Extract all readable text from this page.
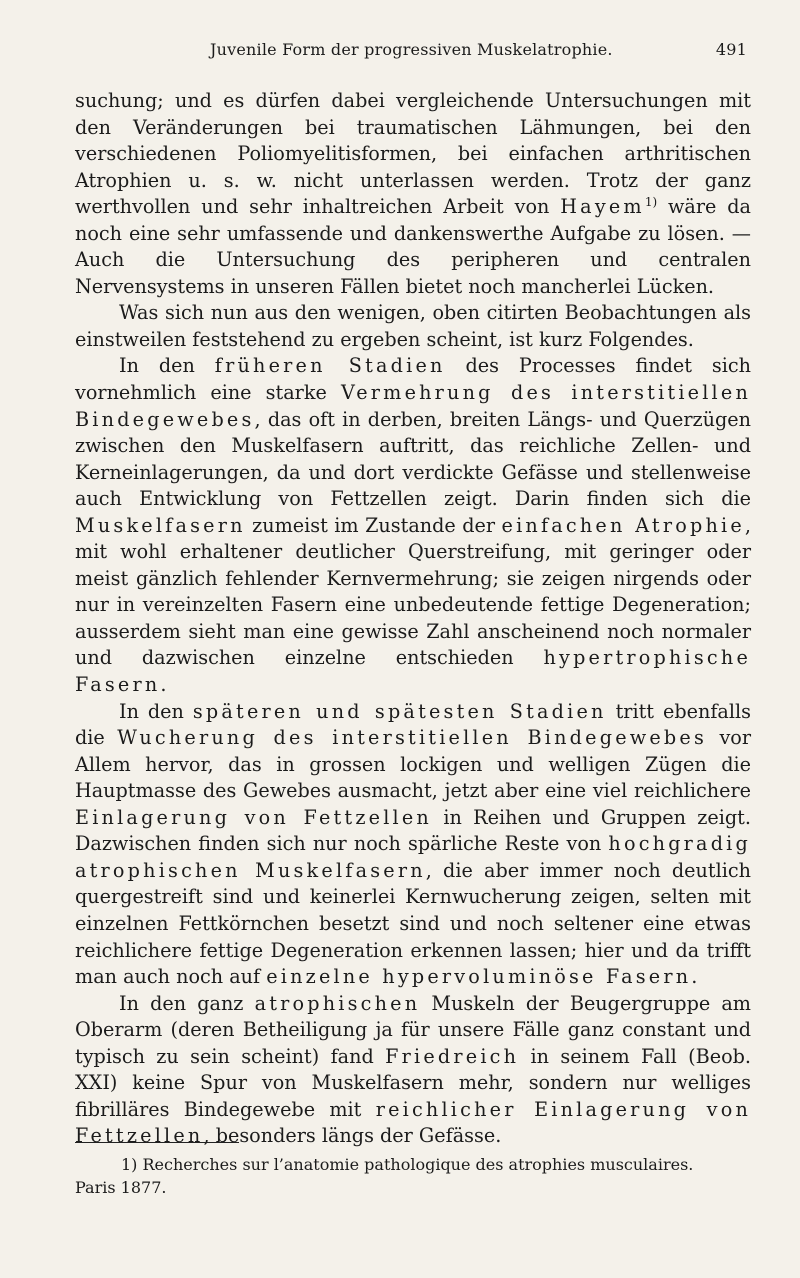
Juvenile Form der progressiven Muskelatrophie.	491

suchung; und es dürfen dabei vergleichende Untersuchungen mit den Veränderungen bei traumatischen Lähmungen, bei den verschiedenen Poliomyelitisformen, bei einfachen arthritischen Atrophien u. s. w. nicht unterlassen werden. Trotz der ganz werthvollen und sehr inhaltreichen Arbeit von Hayem$^{1)}$ wäre da noch eine sehr umfassende und dankenswerthe Aufgabe zu lösen. — Auch die Untersuchung des peripheren und centralen Nervensystems in unseren Fällen bietet noch mancherlei Lücken.

Was sich nun aus den wenigen, oben citirten Beobachtungen als einstweilen feststehend zu ergeben scheint, ist kurz Folgendes.

In den früheren Stadien des Processes findet sich vornehmlich eine starke Vermehrung des interstitiellen Bindegewebes, das oft in derben, breiten Längs- und Querzügen zwischen den Muskelfasern auftritt, das reichliche Zellen- und Kerneinlagerungen, da und dort verdickte Gefässe und stellenweise auch Entwicklung von Fettzellen zeigt. Darin finden sich die Muskelfasern zumeist im Zustande der einfachen Atrophie, mit wohl erhaltener deutlicher Querstreifung, mit geringer oder meist gänzlich fehlender Kernvermehrung; sie zeigen nirgends oder nur in vereinzelten Fasern eine unbedeutende fettige Degeneration; ausserdem sieht man eine gewisse Zahl anscheinend noch normaler und dazwischen einzelne entschieden hypertrophische Fasern.

In den späteren und spätesten Stadien tritt ebenfalls die Wucherung des interstitiellen Bindegewebes vor Allem hervor, das in grossen lockigen und welligen Zügen die Hauptmasse des Gewebes ausmacht, jetzt aber eine viel reichlichere Einlagerung von Fettzellen in Reihen und Gruppen zeigt. Dazwischen finden sich nur noch spärliche Reste von hochgradig atrophischen Muskelfasern, die aber immer noch deutlich quergestreift sind und keinerlei Kernwucherung zeigen, selten mit einzelnen Fettkörnchen besetzt sind und noch seltener eine etwas reichlichere fettige Degeneration erkennen lassen; hier und da trifft man auch noch auf einzelne hypervoluminöse Fasern.

In den ganz atrophischen Muskeln der Beugergruppe am Oberarm (deren Betheiligung ja für unsere Fälle ganz constant und typisch zu sein scheint) fand Friedreich in seinem Fall (Beob. XXI) keine Spur von Muskelfasern mehr, sondern nur welliges fibrilläres Bindegewebe mit reichlicher Einlagerung von Fettzellen, besonders längs der Gefässe.

1) Recherches sur l’anatomie pathologique des atrophies musculaires.
Paris 1877.
